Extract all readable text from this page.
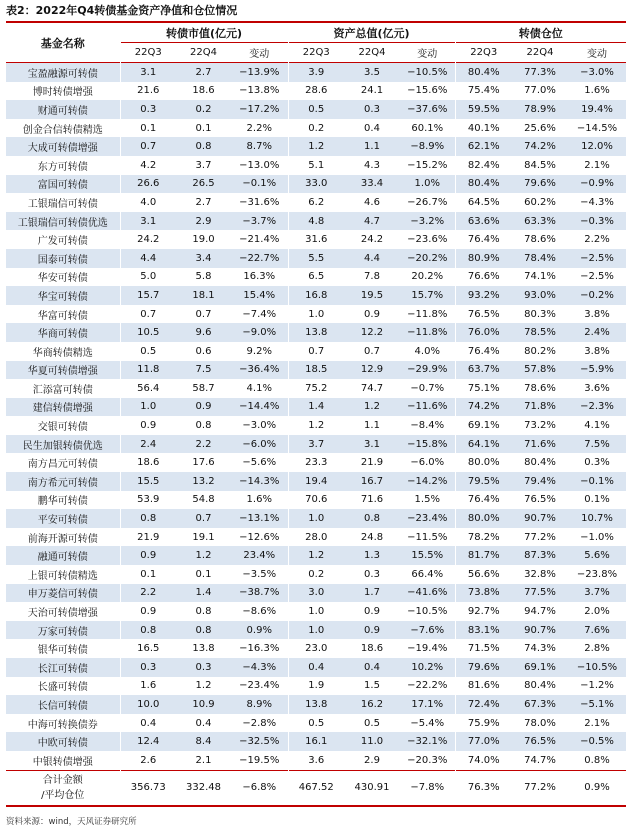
表2：2022年Q4转债基金资产净值和仓位情况
基金名称	转债市值(亿元)			资产总值(亿元)			转债仓位		
	22Q3	22Q4	变动	22Q3	22Q4	变动	22Q3	22Q4	变动
宝盈融源可转债	3.1	2.7	−13.9%	3.9	3.5	−10.5%	80.4%	77.3%	−3.0%
博时转债增强	21.6	18.6	−13.8%	28.6	24.1	−15.6%	75.4%	77.0%	1.6%
财通可转债	0.3	0.2	−17.2%	0.5	0.3	−37.6%	59.5%	78.9%	19.4%
创金合信转债精选	0.1	0.1	2.2%	0.2	0.4	60.1%	40.1%	25.6%	−14.5%
大成可转债增强	0.7	0.8	8.7%	1.2	1.1	−8.9%	62.1%	74.2%	12.0%
东方可转债	4.2	3.7	−13.0%	5.1	4.3	−15.2%	82.4%	84.5%	2.1%
富国可转债	26.6	26.5	−0.1%	33.0	33.4	1.0%	80.4%	79.6%	−0.9%
工银瑞信可转债	4.0	2.7	−31.6%	6.2	4.6	−26.7%	64.5%	60.2%	−4.3%
工银瑞信可转债优选	3.1	2.9	−3.7%	4.8	4.7	−3.2%	63.6%	63.3%	−0.3%
广发可转债	24.2	19.0	−21.4%	31.6	24.2	−23.6%	76.4%	78.6%	2.2%
国泰可转债	4.4	3.4	−22.7%	5.5	4.4	−20.2%	80.9%	78.4%	−2.5%
华安可转债	5.0	5.8	16.3%	6.5	7.8	20.2%	76.6%	74.1%	−2.5%
华宝可转债	15.7	18.1	15.4%	16.8	19.5	15.7%	93.2%	93.0%	−0.2%
华富可转债	0.7	0.7	−7.4%	1.0	0.9	−11.8%	76.5%	80.3%	3.8%
华商可转债	10.5	9.6	−9.0%	13.8	12.2	−11.8%	76.0%	78.5%	2.4%
华商转债精选	0.5	0.6	9.2%	0.7	0.7	4.0%	76.4%	80.2%	3.8%
华夏可转债增强	11.8	7.5	−36.4%	18.5	12.9	−29.9%	63.7%	57.8%	−5.9%
汇添富可转债	56.4	58.7	4.1%	75.2	74.7	−0.7%	75.1%	78.6%	3.6%
建信转债增强	1.0	0.9	−14.4%	1.4	1.2	−11.6%	74.2%	71.8%	−2.3%
交银可转债	0.9	0.8	−3.0%	1.2	1.1	−8.4%	69.1%	73.2%	4.1%
民生加银转债优选	2.4	2.2	−6.0%	3.7	3.1	−15.8%	64.1%	71.6%	7.5%
南方昌元可转债	18.6	17.6	−5.6%	23.3	21.9	−6.0%	80.0%	80.4%	0.3%
南方希元可转债	15.5	13.2	−14.3%	19.4	16.7	−14.2%	79.5%	79.4%	−0.1%
鹏华可转债	53.9	54.8	1.6%	70.6	71.6	1.5%	76.4%	76.5%	0.1%
平安可转债	0.8	0.7	−13.1%	1.0	0.8	−23.4%	80.0%	90.7%	10.7%
前海开源可转债	21.9	19.1	−12.6%	28.0	24.8	−11.5%	78.2%	77.2%	−1.0%
融通可转债	0.9	1.2	23.4%	1.2	1.3	15.5%	81.7%	87.3%	5.6%
上银可转债精选	0.1	0.1	−3.5%	0.2	0.3	66.4%	56.6%	32.8%	−23.8%
申万菱信可转债	2.2	1.4	−38.7%	3.0	1.7	−41.6%	73.8%	77.5%	3.7%
天治可转债增强	0.9	0.8	−8.6%	1.0	0.9	−10.5%	92.7%	94.7%	2.0%
万家可转债	0.8	0.8	0.9%	1.0	0.9	−7.6%	83.1%	90.7%	7.6%
银华可转债	16.5	13.8	−16.3%	23.0	18.6	−19.4%	71.5%	74.3%	2.8%
长江可转债	0.3	0.3	−4.3%	0.4	0.4	10.2%	79.6%	69.1%	−10.5%
长盛可转债	1.6	1.2	−23.4%	1.9	1.5	−22.2%	81.6%	80.4%	−1.2%
长信可转债	10.0	10.9	8.9%	13.8	16.2	17.1%	72.4%	67.3%	−5.1%
中海可转换债券	0.4	0.4	−2.8%	0.5	0.5	−5.4%	75.9%	78.0%	2.1%
中欧可转债	12.4	8.4	−32.5%	16.1	11.0	−32.1%	77.0%	76.5%	−0.5%
中银转债增强	2.6	2.1	−19.5%	3.6	2.9	−20.3%	74.0%	74.7%	0.8%

合计金额
/平均仓位	356.73	332.48	−6.8%	467.52	430.91	−7.8%	76.3%	77.2%	0.9%
资料来源：wind，天风证券研究所
